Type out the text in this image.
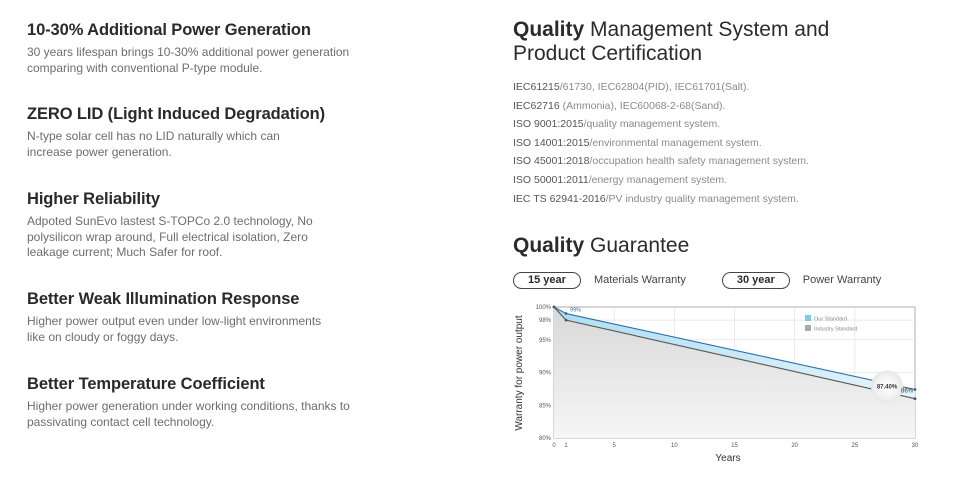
10-30% Additional Power Generation

30 years lifespan brings 10-30% additional power generation
comparing with conventional P-type module.

ZERO LID (Light Induced Degradation)

N-type solar cell has no LID naturally which can
increase power generation.

Higher Reliability

Adpoted SunEvo lastest S-TOPCo 2.0 technology, No
polysilicon wrap around, Full electrical isolation, Zero
leakage current; Much Safer for roof.

Better Weak Illumination Response

Higher power output even under low-light environments
like on cloudy or foggy days.

Better Temperature Coefficient

Higher power generation under working conditions, thanks to
passivating contact cell technology.

Quality Management System and
Product Certification
IEC61215/61730, IEC62804(PID), IEC61701(Salt).
IEC62716 (Ammonia), IEC60068-2-68(Sand).
ISO 9001:2015/quality management system.
ISO 14001:2015/environmental management system.
ISO 45001:2018/occupation health safety management system.
ISO 50001:2011/energy management system.
IEC TS 62941-2016/PV industry quality management system.
Quality Guarantee
15 year	Materials Warranty	30 year	Power Warranty
99%
87.40%
86%
80%
85%
90%
95%
98%
100%
0 1	5	10	15	20	25	30
Our Standard
Industry Standard
Years
Warranty for power output
